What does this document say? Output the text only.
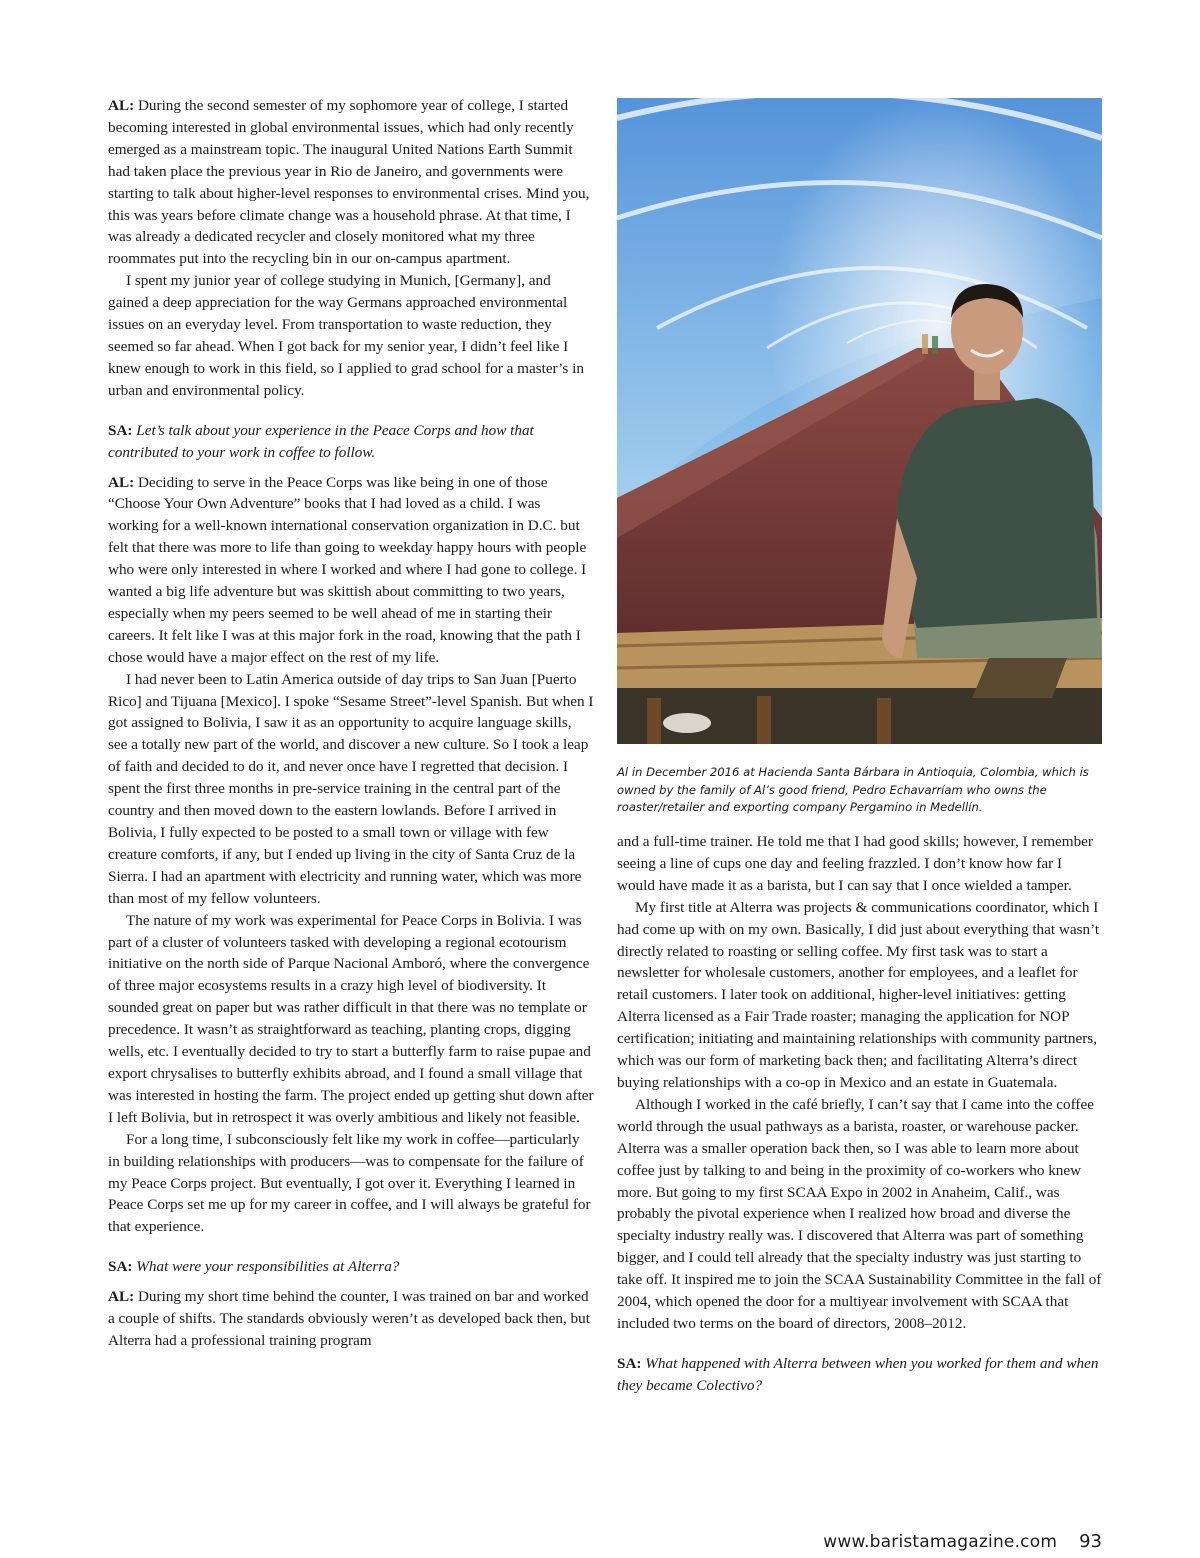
AL: During the second semester of my sophomore year of college, I started becoming interested in global environmental issues, which had only recently emerged as a mainstream topic. The inaugural United Nations Earth Summit had taken place the previous year in Rio de Janeiro, and governments were starting to talk about higher-level responses to environmental crises. Mind you, this was years before climate change was a household phrase. At that time, I was already a dedicated recycler and closely monitored what my three roommates put into the recycling bin in our on-campus apartment.

I spent my junior year of college studying in Munich, [Germany], and gained a deep appreciation for the way Germans approached environmental issues on an everyday level. From transportation to waste reduction, they seemed so far ahead. When I got back for my senior year, I didn’t feel like I knew enough to work in this field, so I applied to grad school for a master’s in urban and environmental policy.

SA: Let’s talk about your experience in the Peace Corps and how that contributed to your work in coffee to follow.

AL: Deciding to serve in the Peace Corps was like being in one of those “Choose Your Own Adventure” books that I had loved as a child. I was working for a well-known international conservation organization in D.C. but felt that there was more to life than going to weekday happy hours with people who were only interested in where I worked and where I had gone to college. I wanted a big life adventure but was skittish about committing to two years, especially when my peers seemed to be well ahead of me in starting their careers. It felt like I was at this major fork in the road, knowing that the path I chose would have a major effect on the rest of my life.

I had never been to Latin America outside of day trips to San Juan [Puerto Rico] and Tijuana [Mexico]. I spoke “Sesame Street”-level Spanish. But when I got assigned to Bolivia, I saw it as an opportunity to acquire language skills, see a totally new part of the world, and discover a new culture. So I took a leap of faith and decided to do it, and never once have I regretted that decision. I spent the first three months in pre-service training in the central part of the country and then moved down to the eastern lowlands. Before I arrived in Bolivia, I fully expected to be posted to a small town or village with few creature comforts, if any, but I ended up living in the city of Santa Cruz de la Sierra. I had an apartment with electricity and running water, which was more than most of my fellow volunteers.

The nature of my work was experimental for Peace Corps in Bolivia. I was part of a cluster of volunteers tasked with developing a regional ecotourism initiative on the north side of Parque Nacional Amboró, where the convergence of three major ecosystems results in a crazy high level of biodiversity. It sounded great on paper but was rather difficult in that there was no template or precedence. It wasn’t as straightforward as teaching, planting crops, digging wells, etc. I eventually decided to try to start a butterfly farm to raise pupae and export chrysalises to butterfly exhibits abroad, and I found a small village that was interested in hosting the farm. The project ended up getting shut down after I left Bolivia, but in retrospect it was overly ambitious and likely not feasible.

For a long time, I subconsciously felt like my work in coffee—particularly in building relationships with producers—was to compensate for the failure of my Peace Corps project. But eventually, I got over it. Everything I learned in Peace Corps set me up for my career in coffee, and I will always be grateful for that experience.

SA: What were your responsibilities at Alterra?

AL: During my short time behind the counter, I was trained on bar and worked a couple of shifts. The standards obviously weren’t as developed back then, but Alterra had a professional training program

Al in December 2016 at Hacienda Santa Bárbara in Antioquia, Colombia, which is owned by the family of Al’s good friend, Pedro Echavarríam who owns the roaster/retailer and exporting company Pergamino in Medellín.

and a full-time trainer. He told me that I had good skills; however, I remember seeing a line of cups one day and feeling frazzled. I don’t know how far I would have made it as a barista, but I can say that I once wielded a tamper.

My first title at Alterra was projects & communications coordinator, which I had come up with on my own. Basically, I did just about everything that wasn’t directly related to roasting or selling coffee. My first task was to start a newsletter for wholesale customers, another for employees, and a leaflet for retail customers. I later took on additional, higher-level initiatives: getting Alterra licensed as a Fair Trade roaster; managing the application for NOP certification; initiating and maintaining relationships with community partners, which was our form of marketing back then; and facilitating Alterra’s direct buying relationships with a co-op in Mexico and an estate in Guatemala.

Although I worked in the café briefly, I can’t say that I came into the coffee world through the usual pathways as a barista, roaster, or warehouse packer. Alterra was a smaller operation back then, so I was able to learn more about coffee just by talking to and being in the proximity of co-workers who knew more. But going to my first SCAA Expo in 2002 in Anaheim, Calif., was probably the pivotal experience when I realized how broad and diverse the specialty industry really was. I discovered that Alterra was part of something bigger, and I could tell already that the specialty industry was just starting to take off. It inspired me to join the SCAA Sustainability Committee in the fall of 2004, which opened the door for a multiyear involvement with SCAA that included two terms on the board of directors, 2008–2012.

SA: What happened with Alterra between when you worked for them and when they became Colectivo?

www.baristamagazine.com 93
